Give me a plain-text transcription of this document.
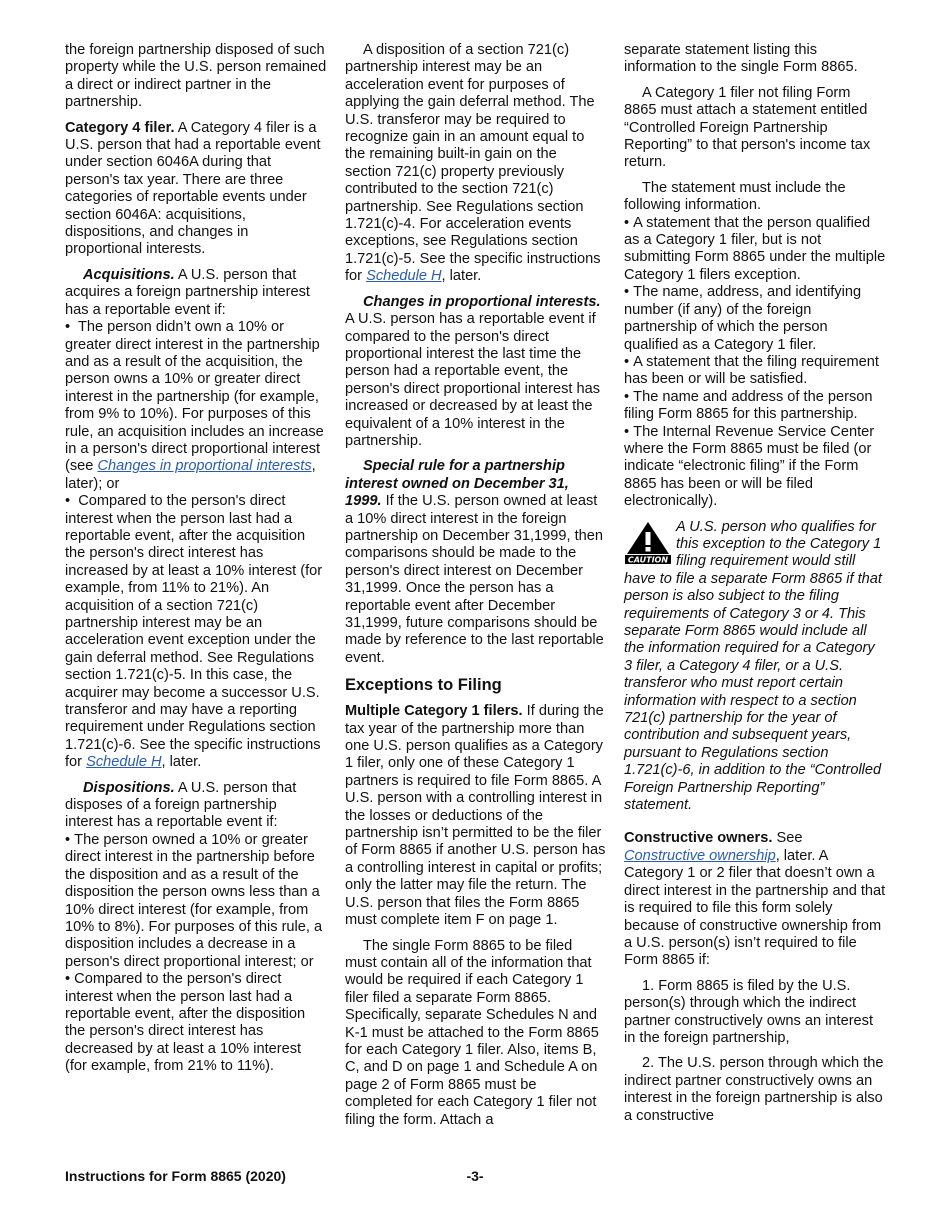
the foreign partnership disposed of such property while the U.S. person remained a direct or indirect partner in the partnership.

Category 4 filer. A Category 4 filer is a U.S. person that had a reportable event under section 6046A during that person's tax year. There are three categories of reportable events under section 6046A: acquisitions, dispositions, and changes in proportional interests.

Acquisitions. A U.S. person that acquires a foreign partnership interest has a reportable event if:

• The person didn’t own a 10% or greater direct interest in the partnership and as a result of the acquisition, the person owns a 10% or greater direct interest in the partnership (for example, from 9% to 10%). For purposes of this rule, an acquisition includes an increase in a person's direct proportional interest (see Changes in proportional interests, later); or

• Compared to the person's direct interest when the person last had a reportable event, after the acquisition the person's direct interest has increased by at least a 10% interest (for example, from 11% to 21%). An acquisition of a section 721(c) partnership interest may be an acceleration event exception under the gain deferral method. See Regulations section 1.721(c)-5. In this case, the acquirer may become a successor U.S. transferor and may have a reporting requirement under Regulations section 1.721(c)-6. See the specific instructions for Schedule H, later.

Dispositions. A U.S. person that disposes of a foreign partnership interest has a reportable event if:

• The person owned a 10% or greater direct interest in the partnership before the disposition and as a result of the disposition the person owns less than a 10% direct interest (for example, from 10% to 8%). For purposes of this rule, a disposition includes a decrease in a person's direct proportional interest; or

• Compared to the person's direct interest when the person last had a reportable event, after the disposition the person's direct interest has decreased by at least a 10% interest (for example, from 21% to 11%).

A disposition of a section 721(c) partnership interest may be an acceleration event for purposes of applying the gain deferral method. The U.S. transferor may be required to recognize gain in an amount equal to the remaining built-in gain on the section 721(c) property previously contributed to the section 721(c) partnership. See Regulations section 1.721(c)-4. For acceleration events exceptions, see Regulations section 1.721(c)-5. See the specific instructions for Schedule H, later.

Changes in proportional interests. A U.S. person has a reportable event if compared to the person's direct proportional interest the last time the person had a reportable event, the person's direct proportional interest has increased or decreased by at least the equivalent of a 10% interest in the partnership.

Special rule for a partnership interest owned on December 31, 1999. If the U.S. person owned at least a 10% direct interest in the foreign partnership on December 31,1999, then comparisons should be made to the person's direct interest on December 31,1999. Once the person has a reportable event after December 31,1999, future comparisons should be made by reference to the last reportable event.

Exceptions to Filing

Multiple Category 1 filers. If during the tax year of the partnership more than one U.S. person qualifies as a Category 1 filer, only one of these Category 1 partners is required to file Form 8865. A U.S. person with a controlling interest in the losses or deductions of the partnership isn’t permitted to be the filer of Form 8865 if another U.S. person has a controlling interest in capital or profits; only the latter may file the return. The U.S. person that files the Form 8865 must complete item F on page 1.

The single Form 8865 to be filed must contain all of the information that would be required if each Category 1 filer filed a separate Form 8865. Specifically, separate Schedules N and K-1 must be attached to the Form 8865 for each Category 1 filer. Also, items B, C, and D on page 1 and Schedule A on page 2 of Form 8865 must be completed for each Category 1 filer not filing the form. Attach a

separate statement listing this information to the single Form 8865.

A Category 1 filer not filing Form 8865 must attach a statement entitled “Controlled Foreign Partnership Reporting” to that person's income tax return.

The statement must include the following information.

• A statement that the person qualified as a Category 1 filer, but is not submitting Form 8865 under the multiple Category 1 filers exception.

• The name, address, and identifying number (if any) of the foreign partnership of which the person qualified as a Category 1 filer.

• A statement that the filing requirement has been or will be satisfied.

• The name and address of the person filing Form 8865 for this partnership.

• The Internal Revenue Service Center where the Form 8865 must be filed (or indicate “electronic filing” if the Form 8865 has been or will be filed electronically).

CAUTION
A U.S. person who qualifies for this exception to the Category 1 filing requirement would still have to file a separate Form 8865 if that person is also subject to the filing requirements of Category 3 or 4. This separate Form 8865 would include all the information required for a Category 3 filer, a Category 4 filer, or a U.S. transferor who must report certain information with respect to a section 721(c) partnership for the year of contribution and subsequent years, pursuant to Regulations section 1.721(c)-6, in addition to the “Controlled Foreign Partnership Reporting” statement.

Constructive owners. See Constructive ownership, later. A Category 1 or 2 filer that doesn’t own a direct interest in the partnership and that is required to file this form solely because of constructive ownership from a U.S. person(s) isn’t required to file Form 8865 if:

1. Form 8865 is filed by the U.S. person(s) through which the indirect partner constructively owns an interest in the foreign partnership,

2. The U.S. person through which the indirect partner constructively owns an interest in the foreign partnership is also a constructive

Instructions for Form 8865 (2020)	-3-
